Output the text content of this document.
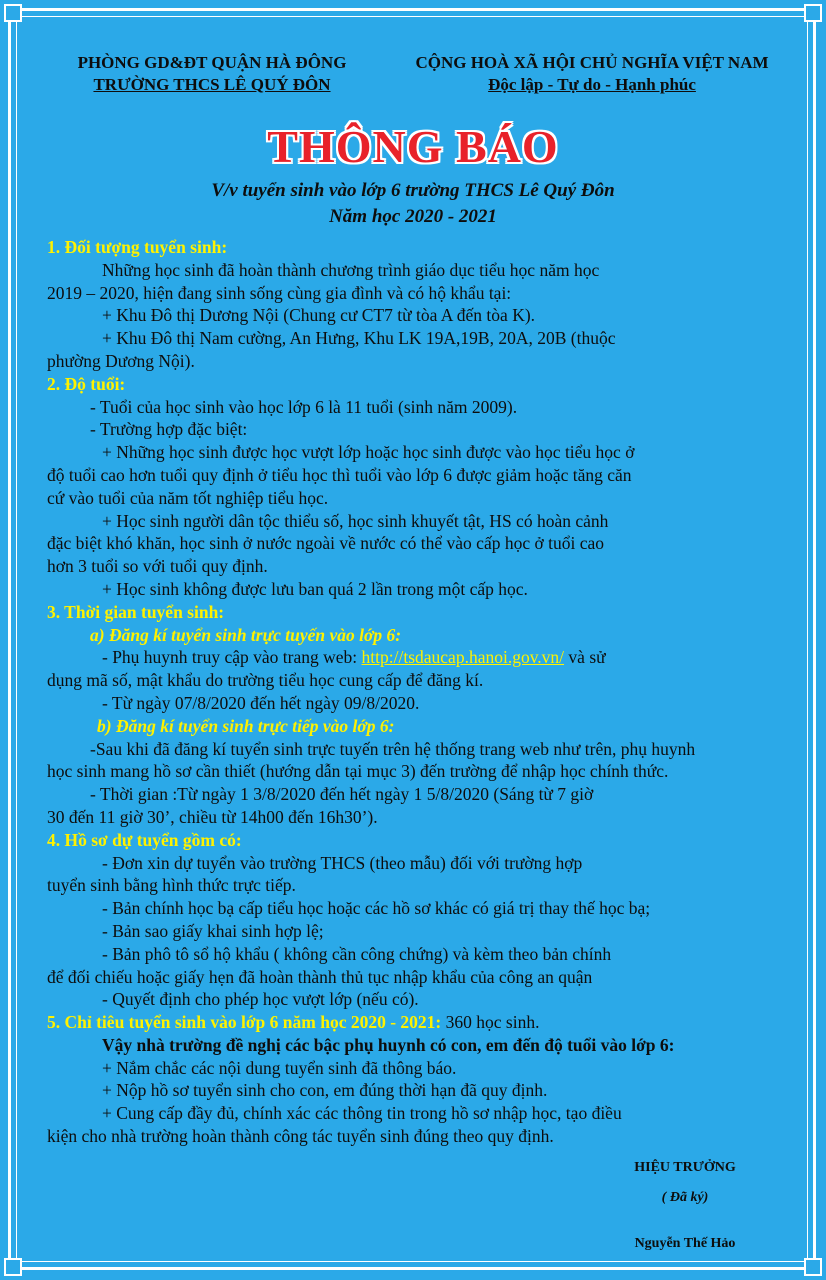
PHÒNG GD&ĐT QUẬN HÀ ĐÔNG
TRƯỜNG THCS LÊ QUÝ ĐÔN
CỘNG HOÀ XÃ HỘI CHỦ NGHĨA VIỆT NAM
Độc lập - Tự do - Hạnh phúc
THÔNG BÁO
V/v tuyển sinh vào lớp 6 trường THCS Lê Quý Đôn
Năm học 2020 - 2021

1. Đối tượng tuyển sinh:

Những học sinh đã hoàn thành chương trình giáo dục tiểu học năm học

2019 – 2020, hiện đang sinh sống cùng gia đình và có hộ khẩu tại:

+ Khu Đô thị Dương Nội (Chung cư CT7 từ tòa A đến tòa K).

+ Khu Đô thị Nam cường, An Hưng, Khu LK 19A,19B, 20A, 20B (thuộc

phường Dương Nội).

2. Độ tuổi:

- Tuổi của học sinh vào học lớp 6 là 11 tuổi (sinh năm 2009).

- Trường hợp đặc biệt:

+ Những học sinh được học vượt lớp hoặc học sinh được vào học tiểu học ở

độ tuổi cao hơn tuổi quy định ở tiểu học thì tuổi vào lớp 6 được giảm hoặc tăng căn

cứ vào tuổi của năm tốt nghiệp tiểu học.

+ Học sinh người dân tộc thiểu số, học sinh khuyết tật, HS có hoàn cảnh

đặc biệt khó khăn, học sinh ở nước ngoài về nước có thể vào cấp học ở tuổi cao

hơn 3 tuổi so với tuổi quy định.

+ Học sinh không được lưu ban quá 2 lần trong một cấp học.

3. Thời gian tuyển sinh:

a) Đăng kí tuyển sinh trực tuyến vào lớp 6:

- Phụ huynh truy cập vào trang web: http://tsdaucap.hanoi.gov.vn/ và sử

dụng mã số, mật khẩu do trường tiểu học cung cấp để đăng kí.

- Từ ngày 07/8/2020 đến hết ngày 09/8/2020.

b) Đăng kí tuyển sinh trực tiếp vào lớp 6:

-Sau khi đã đăng kí tuyển sinh trực tuyến trên hệ thống trang web như trên, phụ huynh

học sinh mang hồ sơ cần thiết (hướng dẫn tại mục 3) đến trường để nhập học chính thức.

- Thời gian :Từ ngày 1 3/8/2020 đến hết ngày 1 5/8/2020 (Sáng từ 7 giờ

30 đến 11 giờ 30’, chiều từ 14h00 đến 16h30’).

4. Hồ sơ dự tuyển gồm có:

- Đơn xin dự tuyển vào trường THCS (theo mẫu) đối với trường hợp

tuyển sinh bằng hình thức trực tiếp.

- Bản chính học bạ cấp tiểu học hoặc các hồ sơ khác có giá trị thay thế học bạ;

- Bản sao giấy khai sinh hợp lệ;

- Bản phô tô sổ hộ khẩu ( không cần công chứng) và kèm theo bản chính

để đối chiếu hoặc giấy hẹn đã hoàn thành thủ tục nhập khẩu của công an quận

- Quyết định cho phép học vượt lớp (nếu có).

5. Chỉ tiêu tuyển sinh vào lớp 6 năm học 2020 - 2021: 360 học sinh.

Vậy nhà trường đề nghị các bậc phụ huynh có con, em đến độ tuổi vào lớp 6:

+ Nắm chắc các nội dung tuyển sinh đã thông báo.

+ Nộp hồ sơ tuyển sinh cho con, em đúng thời hạn đã quy định.

+ Cung cấp đầy đủ, chính xác các thông tin trong hồ sơ nhập học, tạo điều

kiện cho nhà trường hoàn thành công tác tuyển sinh đúng theo quy định.

HIỆU TRƯỞNG
( Đã ký)
Nguyễn Thế Hảo
